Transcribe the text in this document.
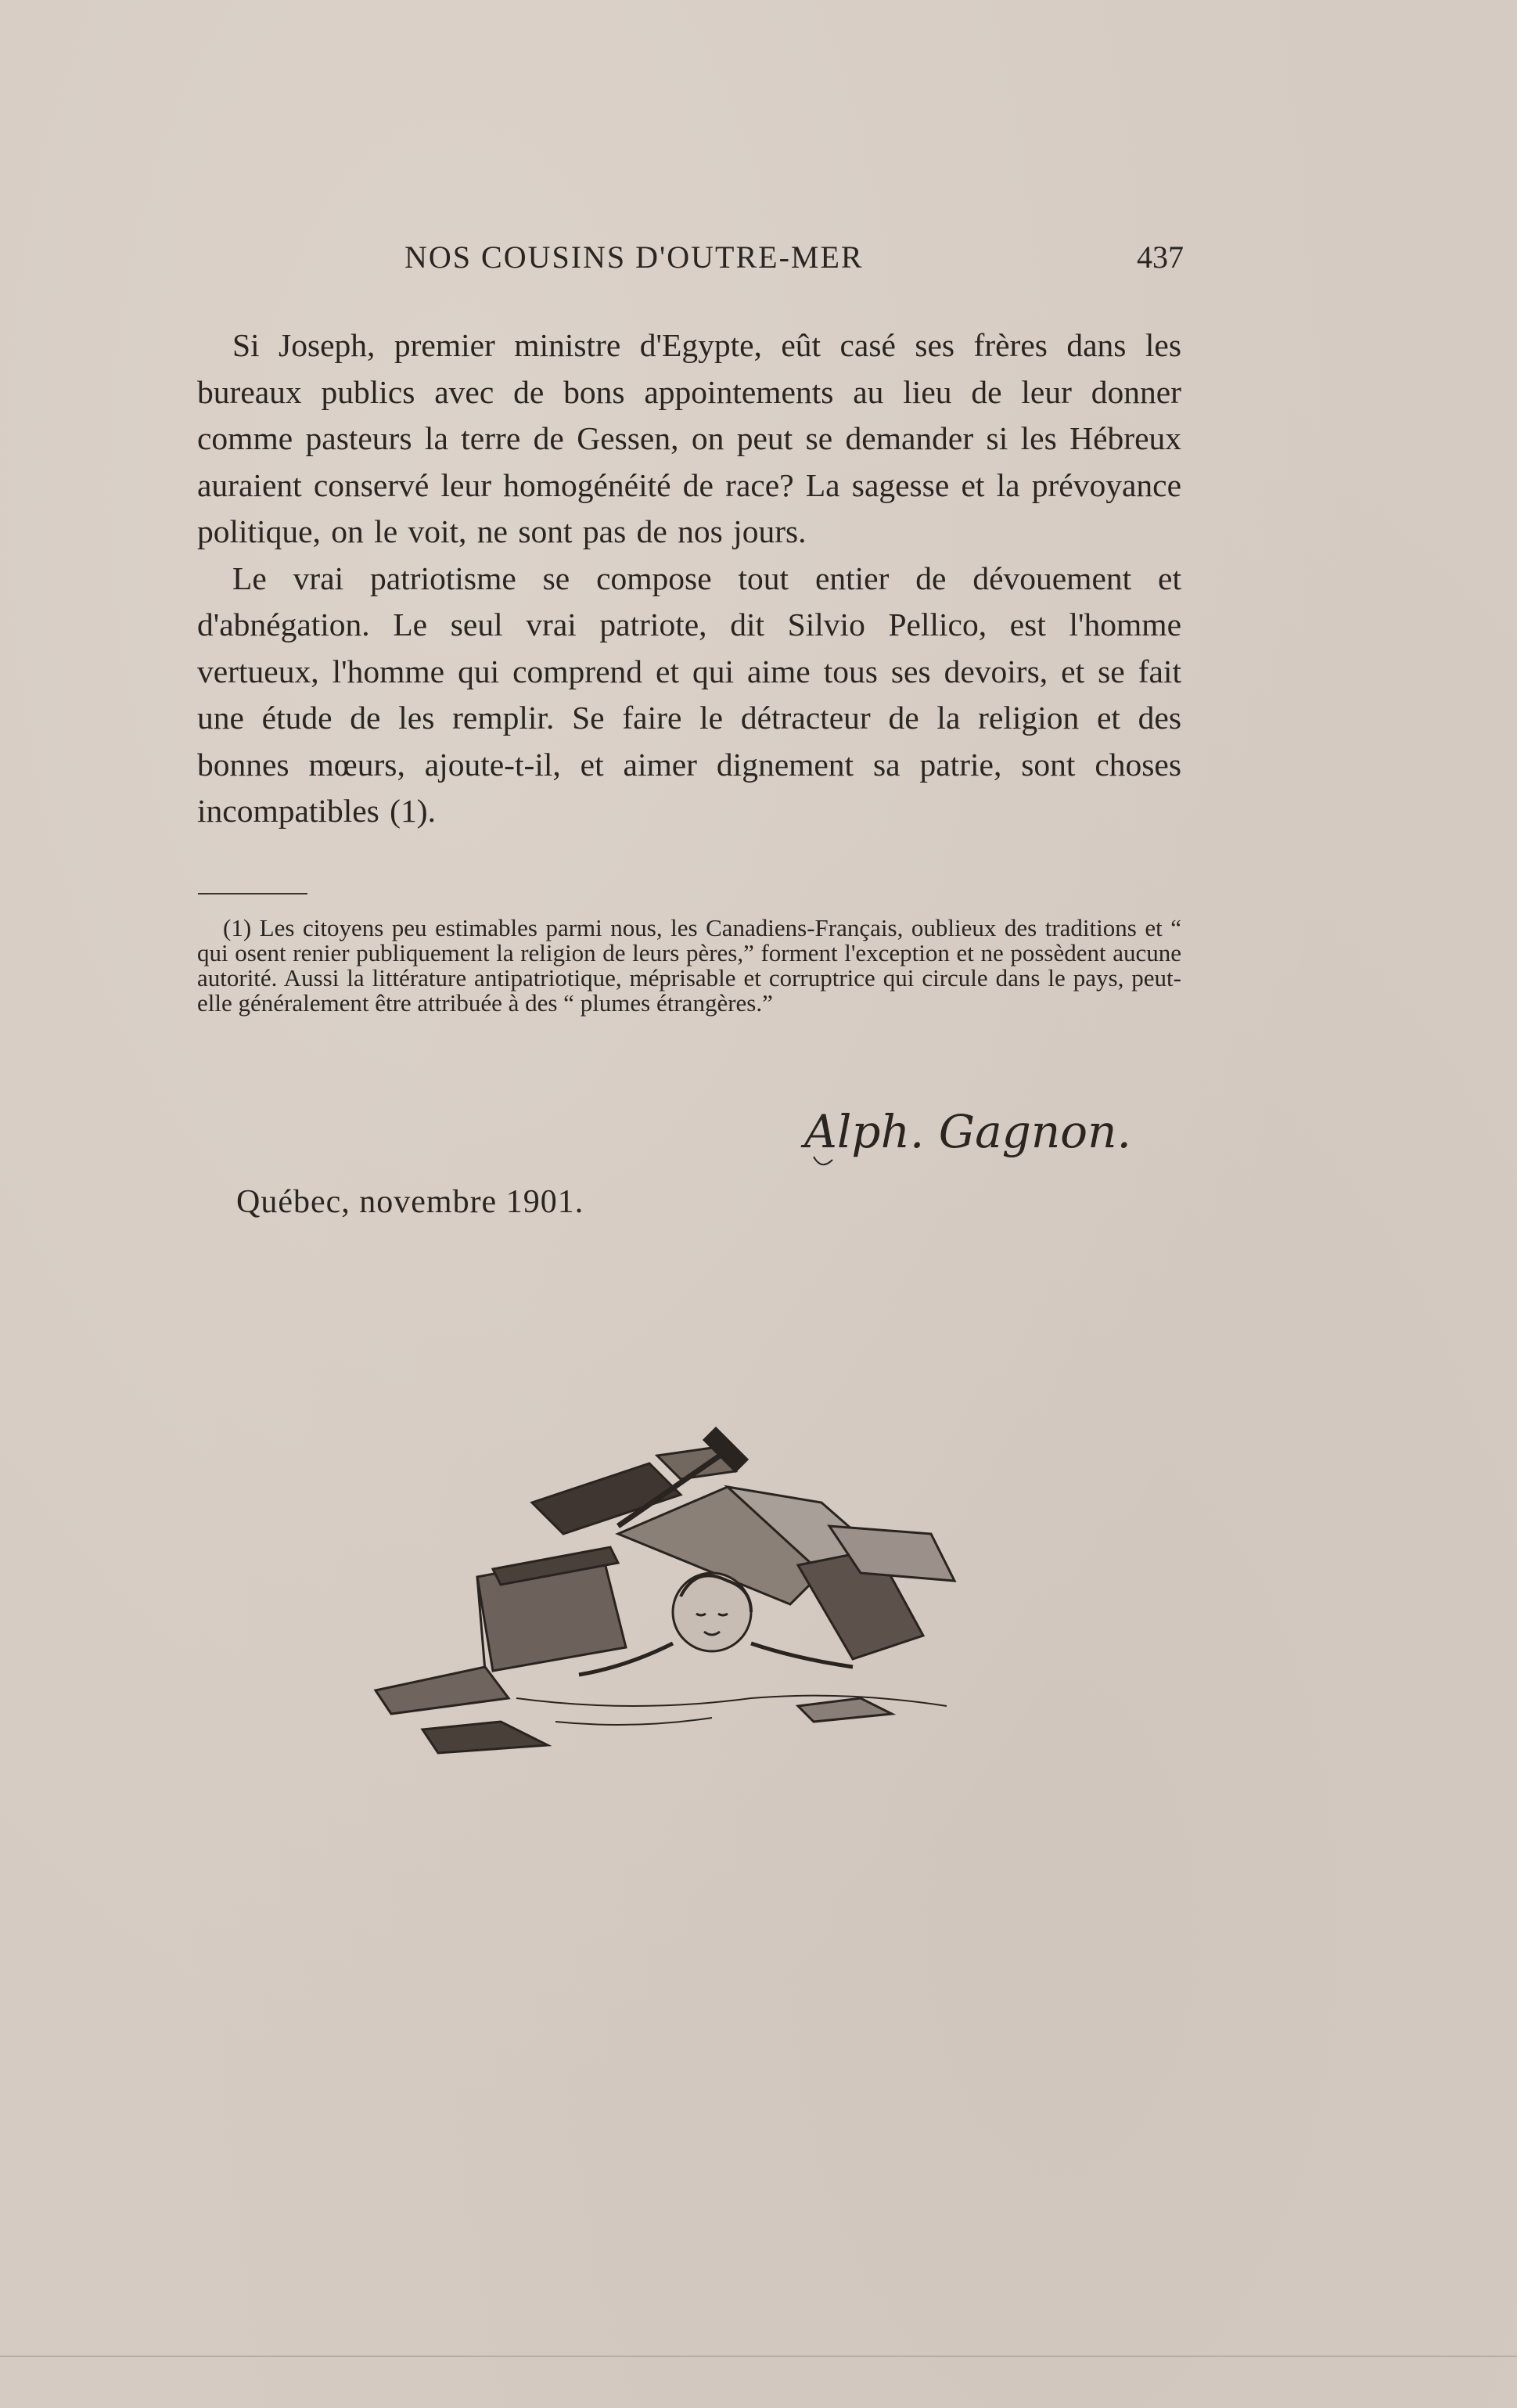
NOS COUSINS D'OUTRE-MER	437

Si Joseph, premier ministre d'Egypte, eût casé ses frères dans les bureaux publics avec de bons appointements au lieu de leur donner comme pasteurs la terre de Gessen, on peut se demander si les Hébreux auraient conservé leur homogénéité de race? La sagesse et la prévoyance politique, on le voit, ne sont pas de nos jours.

Le vrai patriotisme se compose tout entier de dévouement et d'abnégation. Le seul vrai patriote, dit Silvio Pellico, est l'homme vertueux, l'homme qui comprend et qui aime tous ses devoirs, et se fait une étude de les remplir. Se faire le détracteur de la religion et des bonnes mœurs, ajoute-t-il, et aimer dignement sa patrie, sont choses incompatibles (1).

(1) Les citoyens peu estimables parmi nous, les Canadiens-Français, oublieux des traditions et “ qui osent renier publiquement la religion de leurs pères,” forment l'exception et ne possèdent aucune autorité. Aussi la littérature antipatriotique, méprisable et corruptrice qui circule dans le pays, peut-elle généralement être attribuée à des “ plumes étrangères.”
Alph. Gagnon.
Québec, novembre 1901.
